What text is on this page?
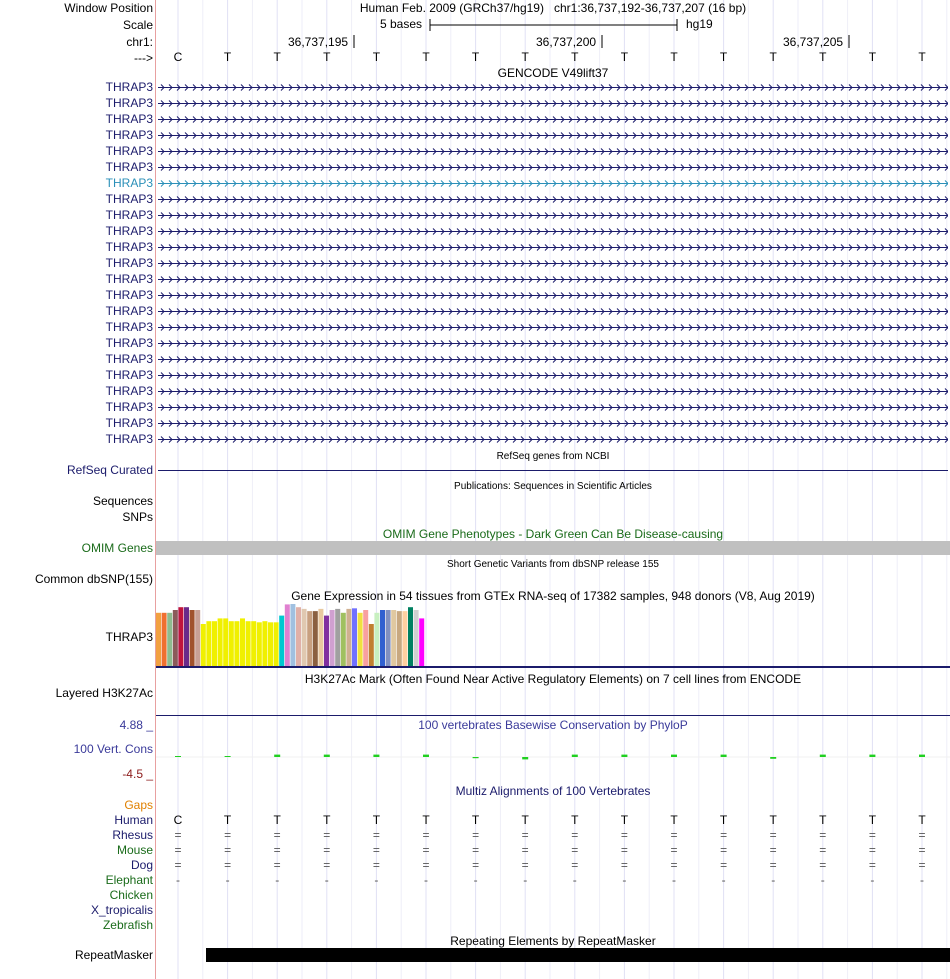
Window Position	Human Feb. 2009 (GRCh37/hg19)   chr1:36,737,192-36,737,207 (16 bp)
Scale	5 bases	hg19
chr1:	36,737,195	36,737,200	36,737,205
--->	C	T	T	T	T	T	T	T	T	T	T	T	T	T	T	T
GENCODE V49lift37
THRAP3
THRAP3
THRAP3
THRAP3
THRAP3
THRAP3
THRAP3
THRAP3
THRAP3
THRAP3
THRAP3
THRAP3
THRAP3
THRAP3
THRAP3
THRAP3
THRAP3
THRAP3
THRAP3
THRAP3
THRAP3
THRAP3
THRAP3
RefSeq genes from NCBI
RefSeq Curated
Publications: Sequences in Scientific Articles
Sequences
SNPs
OMIM Gene Phenotypes - Dark Green Can Be Disease-causing
OMIM Genes
Short Genetic Variants from dbSNP release 155
Common dbSNP(155)
Gene Expression in 54 tissues from GTEx RNA-seq of 17382 samples, 948 donors (V8, Aug 2019)
THRAP3
H3K27Ac Mark (Often Found Near Active Regulatory Elements) on 7 cell lines from ENCODE
Layered H3K27Ac
100 vertebrates Basewise Conservation by PhyloP
4.88 _
100 Vert. Cons
-4.5 _
Multiz Alignments of 100 Vertebrates
Gaps
Human	C	T	T	T	T	T	T	T	T	T	T	T	T	T	T	T
Rhesus	=	=	=	=	=	=	=	=	=	=	=	=	=	=	=	=
Mouse	=	=	=	=	=	=	=	=	=	=	=	=	=	=	=	=
Dog	=	=	=	=	=	=	=	=	=	=	=	=	=	=	=	=
Elephant	-	-	-	-	-	-	-	-	-	-	-	-	-	-	-	-
Chicken
X_tropicalis
Zebrafish
Repeating Elements by RepeatMasker
RepeatMasker
